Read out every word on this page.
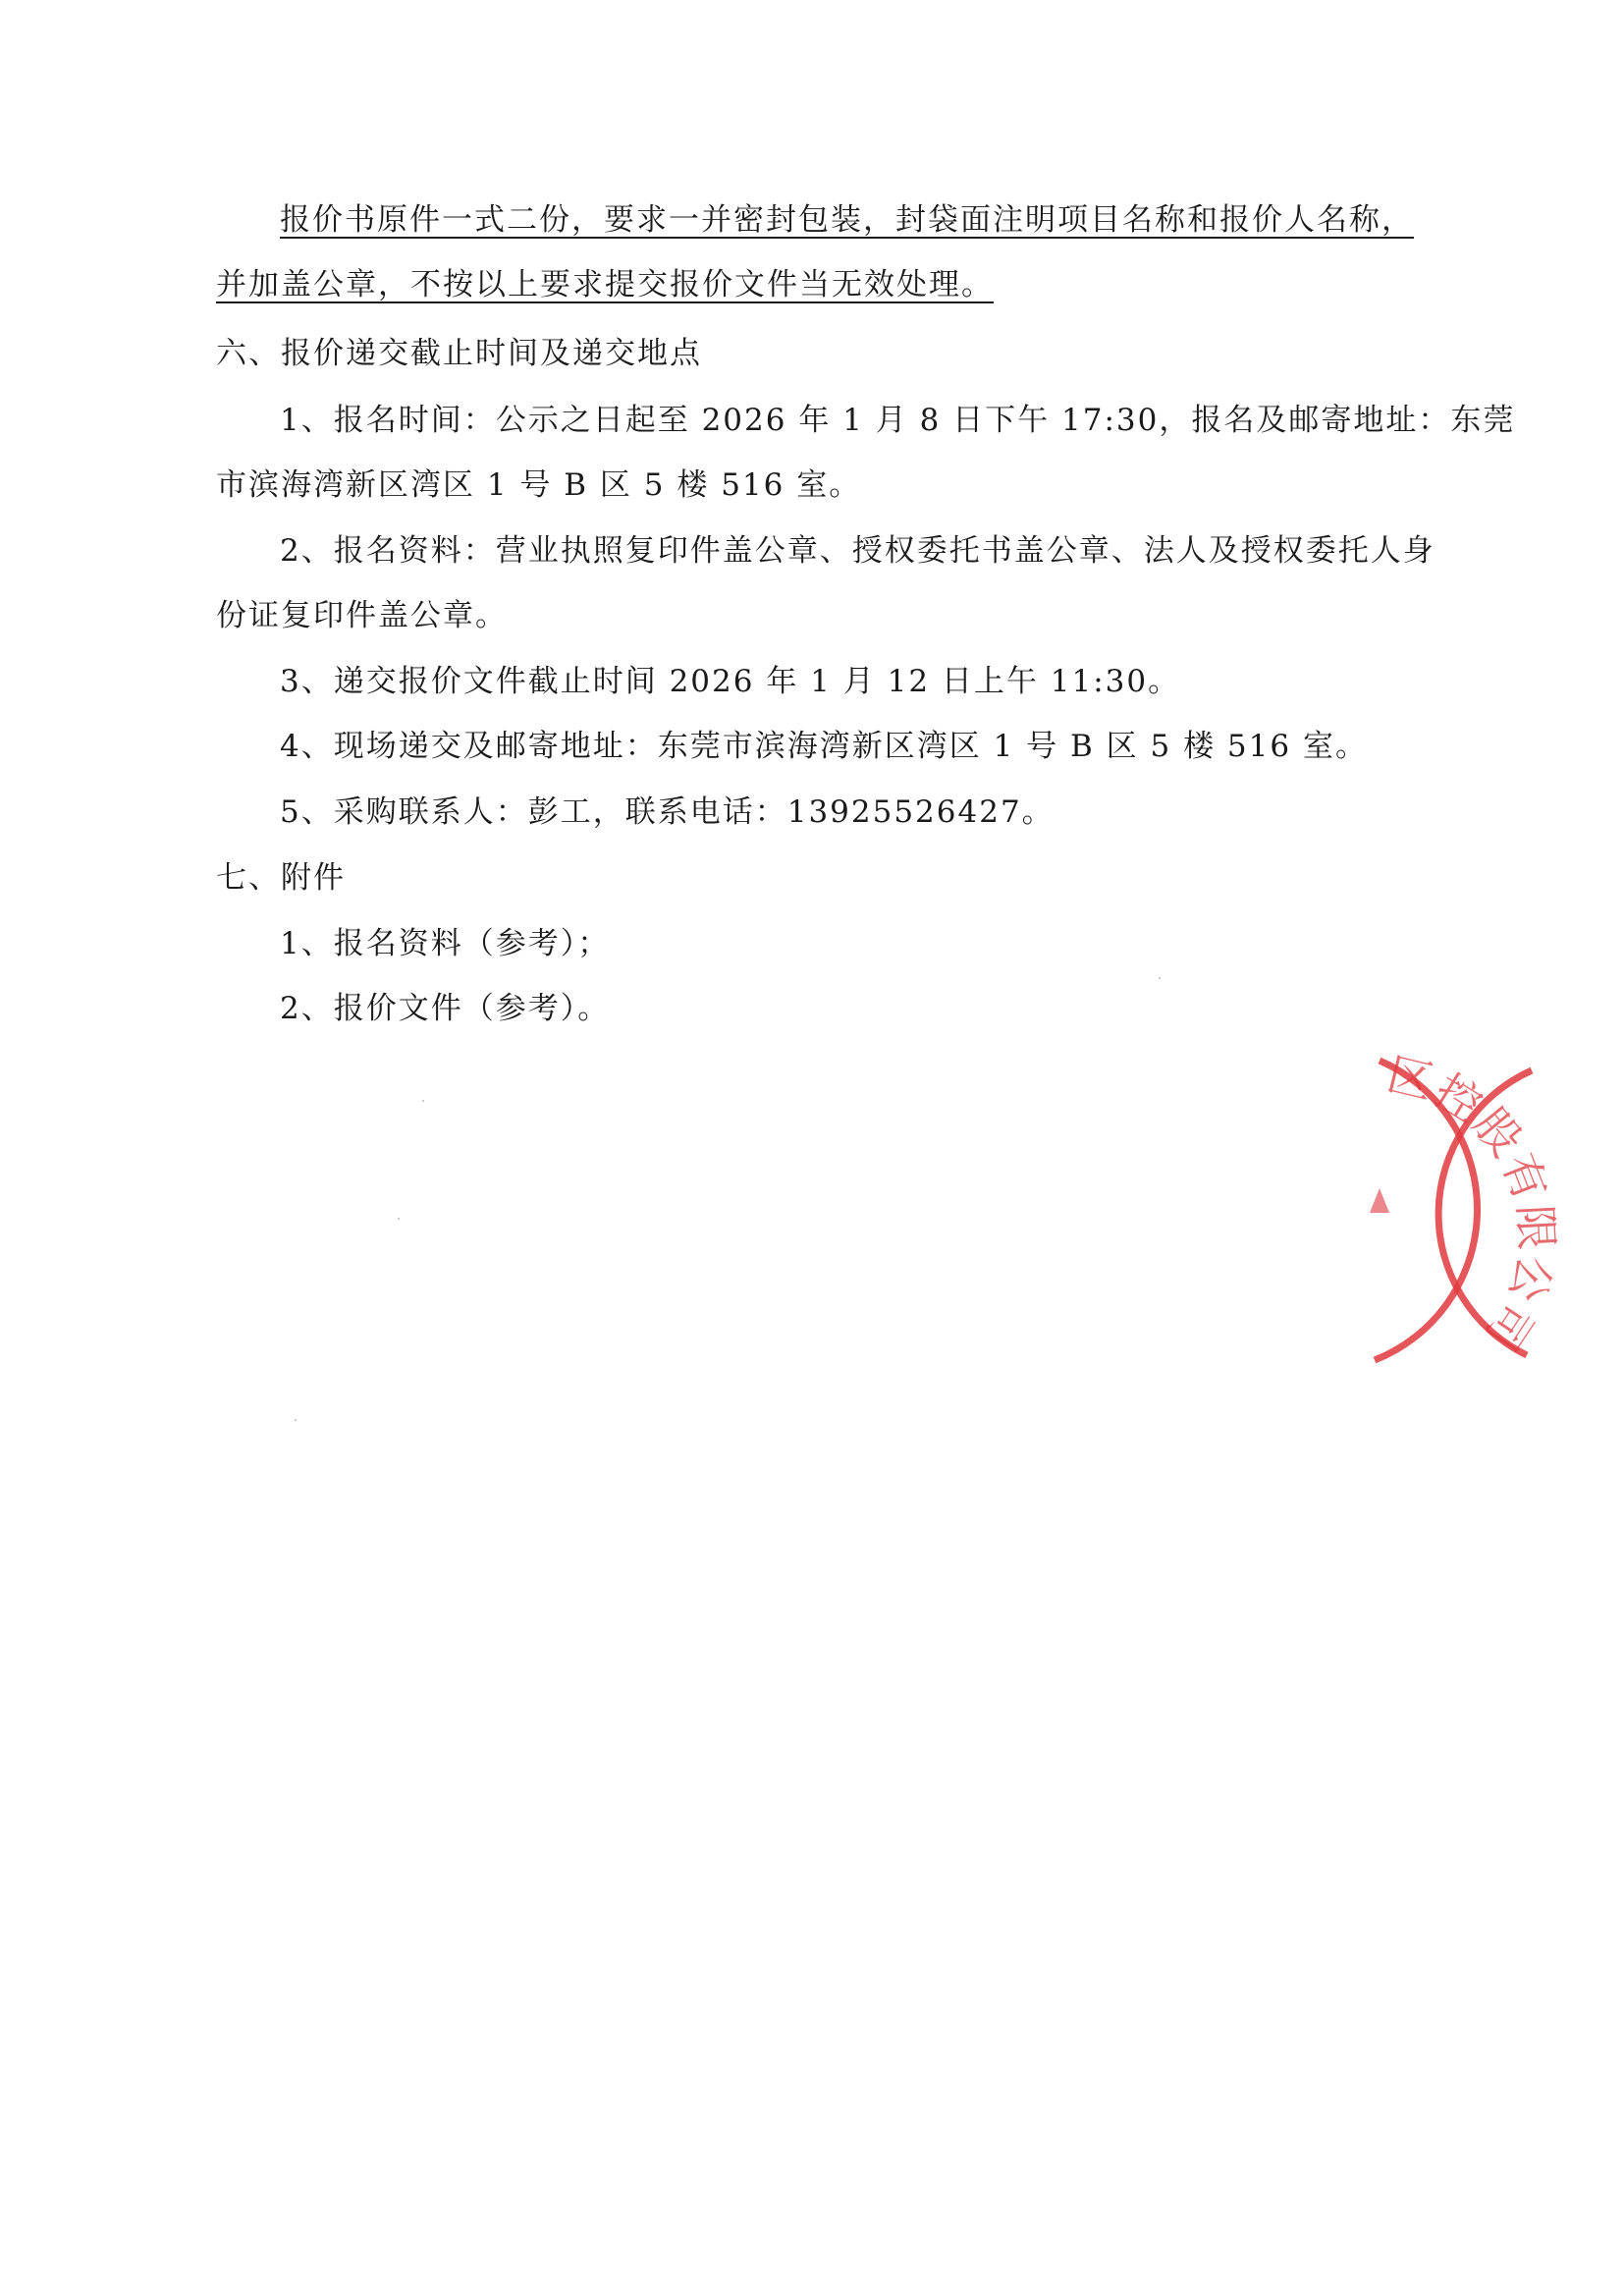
报价书原件一式二份，要求一并密封包装，封袋面注明项目名称和报价人名称，
并加盖公章，不按以上要求提交报价文件当无效处理。
六、报价递交截止时间及递交地点
1、报名时间：公示之日起至 2026 年 1 月 8 日下午 17:30，报名及邮寄地址：东莞
市滨海湾新区湾区 1 号 B 区 5 楼 516 室。
2、报名资料：营业执照复印件盖公章、授权委托书盖公章、法人及授权委托人身
份证复印件盖公章。
3、递交报价文件截止时间 2026 年 1 月 12 日上午 11:30。
4、现场递交及邮寄地址：东莞市滨海湾新区湾区 1 号 B 区 5 楼 516 室。
5、采购联系人：彭工，联系电话：13925526427。
七、附件
1、报名资料（参考）；
2、报价文件（参考）。
区控股有限公司
